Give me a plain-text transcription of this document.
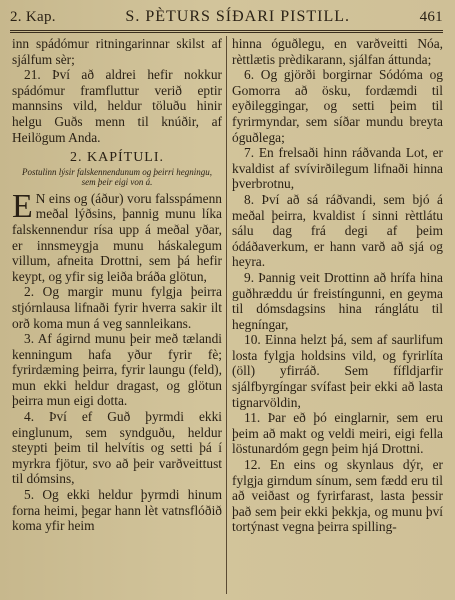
2. Kap.	S. PÈTURS SÍÐARI PISTILL.	461

inn spádómur ritningarinnar skilst af sjálfum sèr;

21. Því að aldrei hefir nokkur spádómur framfluttur verið eptir mannsins vild, heldur töluðu hinir helgu Guðs menn til knúðir, af Heilögum Anda.

2. KAPÍTULI.
Postulinn lýsir falskennendunum og þeirri hegningu, sem þeir eigi von á.

E N eins og (áður) voru falsspámenn meðal lýðsins, þannig munu líka falskennendur rísa upp á meðal yðar, er innsmeygja munu háskalegum villum, afneita Drottni, sem þá hefir keypt, og yfir sig leiða bráða glötun,

2. Og margir munu fylgja þeirra stjórnlausa lifnaði fyrir hverra sakir ilt orð koma mun á veg sannleikans.

3. Af ágirnd munu þeir með tælandi kenningum hafa yður fyrir fè; fyrirdæming þeirra, fyrir laungu (feld), mun ekki heldur dragast, og glötun þeirra mun eigi dotta.

4. Því ef Guð þyrmdi ekki einglunum, sem syndguðu, heldur steypti þeim til helvítis og setti þá í myrkra fjötur, svo að þeir varðveittust til dómsins,

5. Og ekki heldur þyrmdi hinum forna heimi, þegar hann lèt vatnsflóðið koma yfir heim

hinna óguðlegu, en varðveitti Nóa, rèttlætis prèdikarann, sjálfan áttunda;

6. Og gjörði borgirnar Sódóma og Gomorra að ösku, fordæmdi til eyðileggingar, og setti þeim til fyrirmyndar, sem síðar mundu breyta óguðlega;

7. En frelsaði hinn ráðvanda Lot, er kvaldist af svívirðilegum lifnaði hinna þverbrotnu,

8. Því að sá ráðvandi, sem bjó á meðal þeirra, kvaldist í sinni rèttlátu sálu dag frá degi af þeim ódáðaverkum, er hann varð að sjá og heyra.

9. Þannig veit Drottinn að hrífa hina guðhræddu úr freistíngunni, en geyma til dómsdagsins hina ránglátu til hegníngar,

10. Einna helzt þá, sem af saurlifum losta fylgja holdsins vild, og fyrirlíta (öll) yfirráð. Sem fífldjarfir sjálfbyrgíngar svífast þeir ekki að lasta tignarvöldin,

11. Þar eð þó einglarnir, sem eru þeim að makt og veldi meiri, eigi fella löstunardóm gegn þeim hjá Drottni.

12. En eins og skynlaus dýr, er fylgja girndum sínum, sem fædd eru til að veiðast og fyrirfarast, lasta þessir það sem þeir ekki þekkja, og munu því tortýnast vegna þeirra spilling-
